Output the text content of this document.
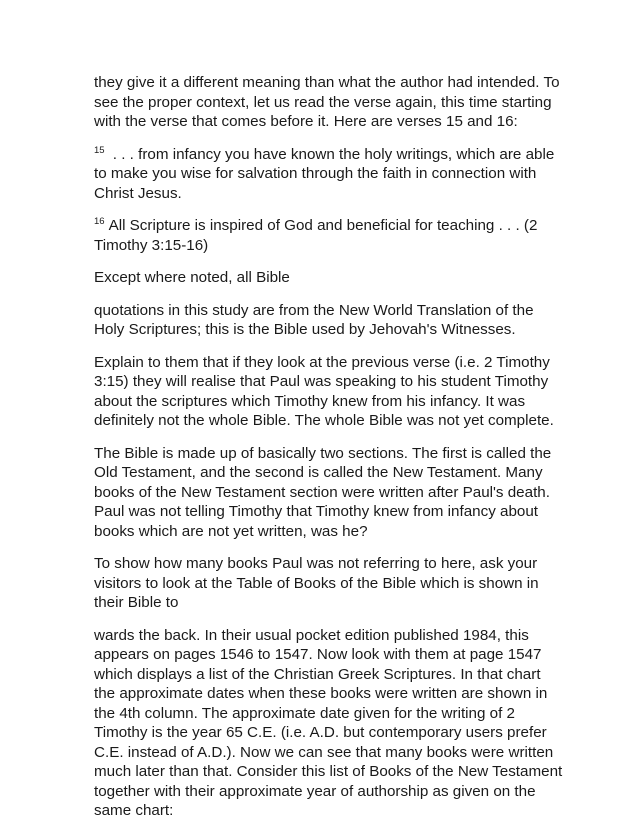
they give it a different meaning than what the author had intended. To see the proper context, let us read the verse again, this time starting with the verse that comes before it. Here are verses 15 and 16:

$^{15}$ . . . from infancy you have known the holy writings, which are able to make you wise for salvation through the faith in connection with Christ Jesus.

$^{16}$ All Scripture is inspired of God and beneficial for teaching . . . (2 Timothy 3:15-16)

Except where noted, all Bible

quotations in this study are from the New World Translation of the Holy Scriptures; this is the Bible used by Jehovah's Witnesses.

Explain to them that if they look at the previous verse (i.e. 2 Timothy 3:15) they will realise that Paul was speaking to his student Timothy about the scriptures which Timothy knew from his infancy. It was definitely not the whole Bible. The whole Bible was not yet complete.

The Bible is made up of basically two sections. The first is called the Old Testament, and the second is called the New Testament. Many books of the New Testament section were written after Paul's death. Paul was not telling Timothy that Timothy knew from infancy about books which are not yet written, was he?

To show how many books Paul was not referring to here, ask your visitors to look at the Table of Books of the Bible which is shown in their Bible to

wards the back. In their usual pocket edition published 1984, this appears on pages 1546 to 1547. Now look with them at page 1547 which displays a list of the Christian Greek Scriptures. In that chart the approximate dates when these books were written are shown in the 4th column. The approximate date given for the writing of 2 Timothy is the year 65 C.E. (i.e. A.D. but contemporary users prefer C.E. instead of A.D.). Now we can see that many books were written much later than that. Consider this list of Books of the New Testament together with their approximate year of authorship as given on the same chart:
